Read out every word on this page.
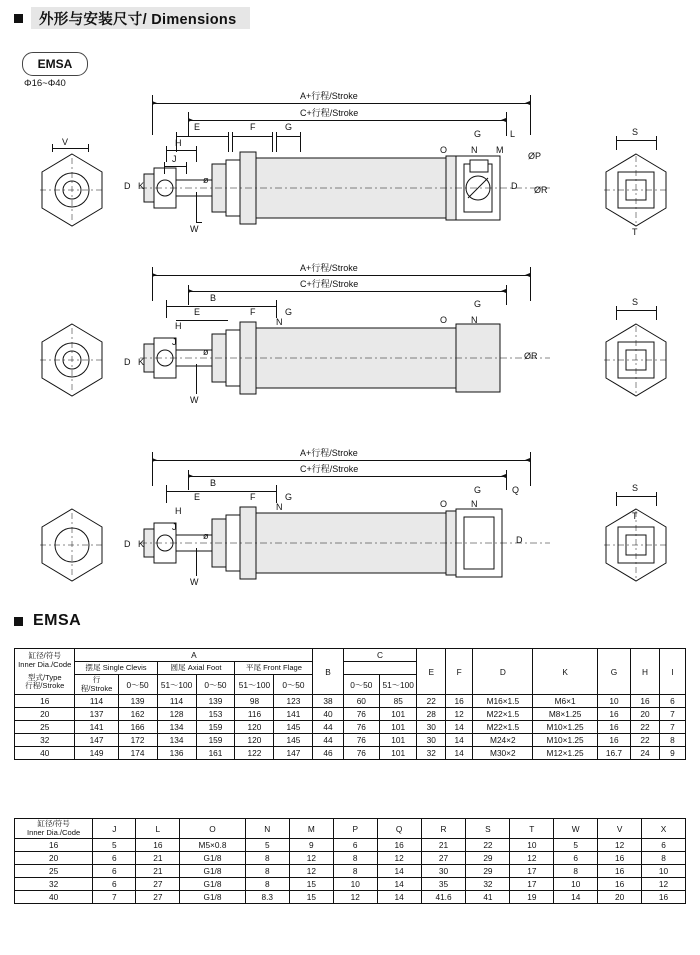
外形与安装尺寸/ Dimensions
EMSA
Φ16~Φ40
V
A+行程/Stroke
C+行程/Stroke
E	F	G
H
J
D K
ø
W
O
G
N M
L
ØP
ØR
D
S
T
A+行程/Stroke
C+行程/Stroke
B
E	F	G
H
J
D K
ø
W
N	O
G
N
ØR
S
A+行程/Stroke
C+行程/Stroke
B
E	F	G
H
J
D K
ø
W
N	O
G
N
Q
D
S
T
EMSA
缸径/符号
Inner Dia./Code
型式/Type
行程/Stroke	A						B	C		E	F	D	K	G	H	I
	摆尾 Single Clevis		圆尾 Axial Foot		平尾 Front Flage											
	行程/Stroke	0～50	51～100	0～50	51～100	0～50		0～50	51～100							
16	114	139	114	139	98	123	38	60	85	22	16	M16×1.5	M6×1	10	16	6
20	137	162	128	153	116	141	40	76	101	28	12	M22×1.5	M8×1.25	16	20	7
25	141	166	134	159	120	145	44	76	101	30	14	M22×1.5	M10×1.25	16	22	7
32	147	172	134	159	120	145	44	76	101	30	14	M24×2	M10×1.25	16	22	8
40	149	174	136	161	122	147	46	76	101	32	14	M30×2	M12×1.25	16.7	24	9
缸径/符号
Inner Dia./Code	J	L	O	N	M	P	Q	R	S	T	W	V	X
16	5	16	M5×0.8	5	9	6	16	21	22	10	5	12	6
20	6	21	G1/8	8	12	8	12	27	29	12	6	16	8
25	6	21	G1/8	8	12	8	14	30	29	17	8	16	10
32	6	27	G1/8	8	15	10	14	35	32	17	10	16	12
40	7	27	G1/8	8.3	15	12	14	41.6	41	19	14	20	16
